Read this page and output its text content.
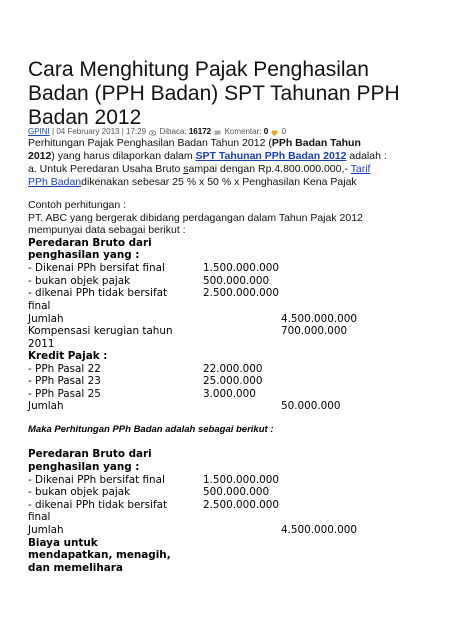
Cara Menghitung Pajak Penghasilan
Badan (PPH Badan) SPT Tahunan PPH
Badan 2012
GPINI | 04 February 2013 | 17:29 Dibaca: 16172 Komentar: 0 0
Perhitungan Pajak Penghasilan Badan Tahun 2012 (PPh Badan Tahun
2012) yang harus dilaporkan dalam SPT Tahunan PPh Badan 2012 adalah :
a. Untuk Peredaran Usaha Bruto sampai dengan Rp.4.800.000.000,- Tarif
PPh Badandikenakan sebesar 25 % x 50 % x Penghasilan Kena Pajak
Contoh perhitungan :
PT. ABC yang bergerak dibidang perdagangan dalam Tahun Pajak 2012
mempunyai data sebagai berikut :
Peredaran Bruto dari
penghasilan yang :
- Dikenai PPh bersifat final	1.500.000.000
- bukan objek pajak	500.000.000
- dikenai PPh tidak bersifat	2.500.000.000
final
Jumlah	4.500.000.000
Kompensasi kerugian tahun	700.000.000
2011
Kredit Pajak :
- PPh Pasal 22	22.000.000
- PPh Pasal 23	25.000.000
- PPh Pasal 25	3.000.000
Jumlah	50.000.000
Maka Perhitungan PPh Badan adalah sebagai berikut :
Peredaran Bruto dari
penghasilan yang :
- Dikenai PPh bersifat final	1.500.000.000
- bukan objek pajak	500.000.000
- dikenai PPh tidak bersifat	2.500.000.000
final
Jumlah	4.500.000.000
Biaya untuk
mendapatkan, menagih,
dan memelihara
